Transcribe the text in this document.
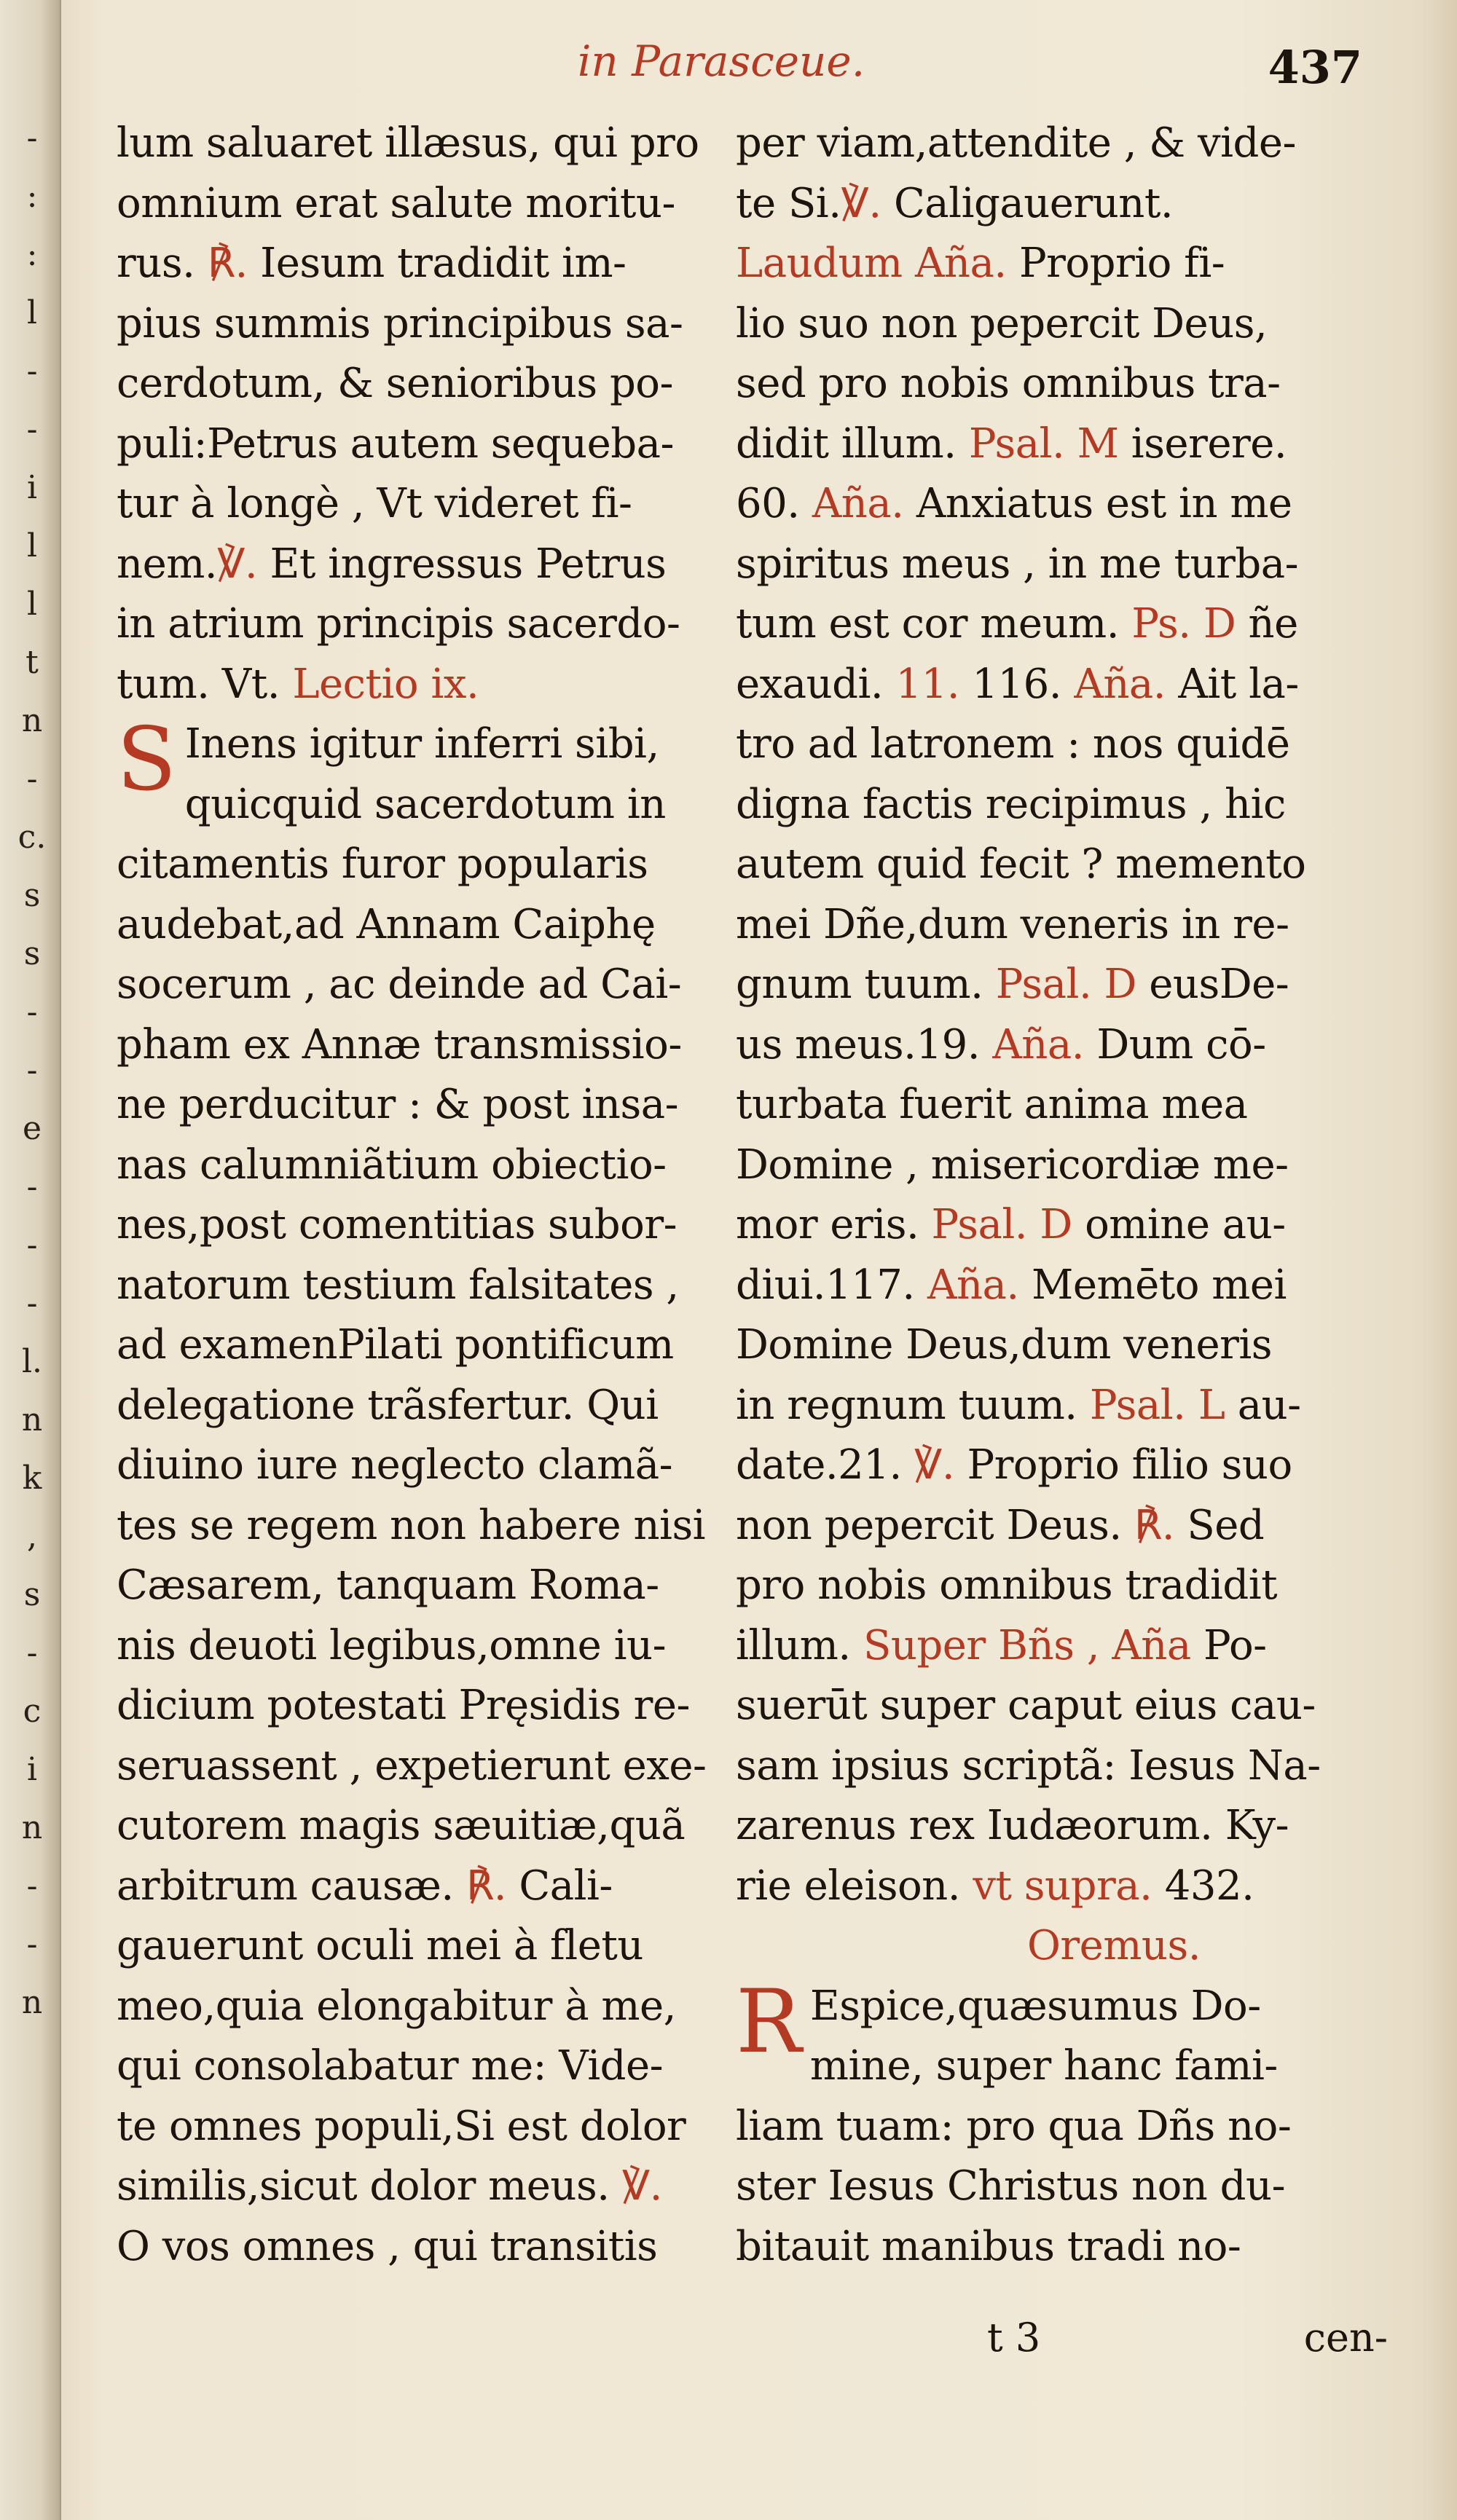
-
:
:
l
-
-
i
l
l
t
n
-
c.
s
s
-
-
e
-
-
-
l.
n
k
,
s
-
c
i
n
-
-
n
in Parasceue.	437
lum saluaret illæsus, qui pro
omnium erat salute moritu-
rus. ℟. Iesum tradidit im-
pius summis principibus sa-
cerdotum, & senioribus po-
puli:Petrus autem sequeba-
tur à longè , Vt videret fi-
nem.℣. Et ingressus Petrus
in atrium principis sacerdo-
tum. Vt. Lectio ix.
S Inens igitur inferri sibi,
quicquid sacerdotum in
citamentis furor popularis
audebat,ad Annam Caiphę
socerum , ac deinde ad Cai-
pham ex Annæ transmissio-
ne perducitur : & post insa-
nas calumniãtium obiectio-
nes,post comentitias subor-
natorum testium falsitates ,
ad examenPilati pontificum
delegatione trãsfertur. Qui
diuino iure neglecto clamã-
tes se regem non habere nisi
Cæsarem, tanquam Roma-
nis deuoti legibus,omne iu-
dicium potestati Pręsidis re-
seruassent , expetierunt exe-
cutorem magis sæuitiæ,quã
arbitrum causæ. ℟. Cali-
gauerunt oculi mei à fletu
meo,quia elongabitur à me,
qui consolabatur me: Vide-
te omnes populi,Si est dolor
similis,sicut dolor meus. ℣.
O vos omnes , qui transitis
per viam,attendite , & vide-
te Si.℣. Caligauerunt.
Laudum Aña. Proprio fi-
lio suo non pepercit Deus,
sed pro nobis omnibus tra-
didit illum. Psal. M iserere.
60. Aña. Anxiatus est in me
spiritus meus , in me turba-
tum est cor meum. Ps. D ñe
exaudi. 11. 116. Aña. Ait la-
tro ad latronem : nos quidē
digna factis recipimus , hic
autem quid fecit ? memento
mei Dñe,dum veneris in re-
gnum tuum. Psal. D eusDe-
us meus.19. Aña. Dum cō-
turbata fuerit anima mea
Domine , misericordiæ me-
mor eris. Psal. D omine au-
diui.117. Aña. Memēto mei
Domine Deus,dum veneris
in regnum tuum. Psal. L au-
date.21. ℣. Proprio filio suo
non pepercit Deus. ℟. Sed
pro nobis omnibus tradidit
illum. Super Bñs , Aña Po-
suerūt super caput eius cau-
sam ipsius scriptã: Iesus Na-
zarenus rex Iudæorum. Ky-
rie eleison. vt supra. 432.
Oremus.
R Espice,quæsumus Do-
mine, super hanc fami-
liam tuam: pro qua Dñs no-
ster Iesus Christus non du-
bitauit manibus tradi no-
t 3	cen-
